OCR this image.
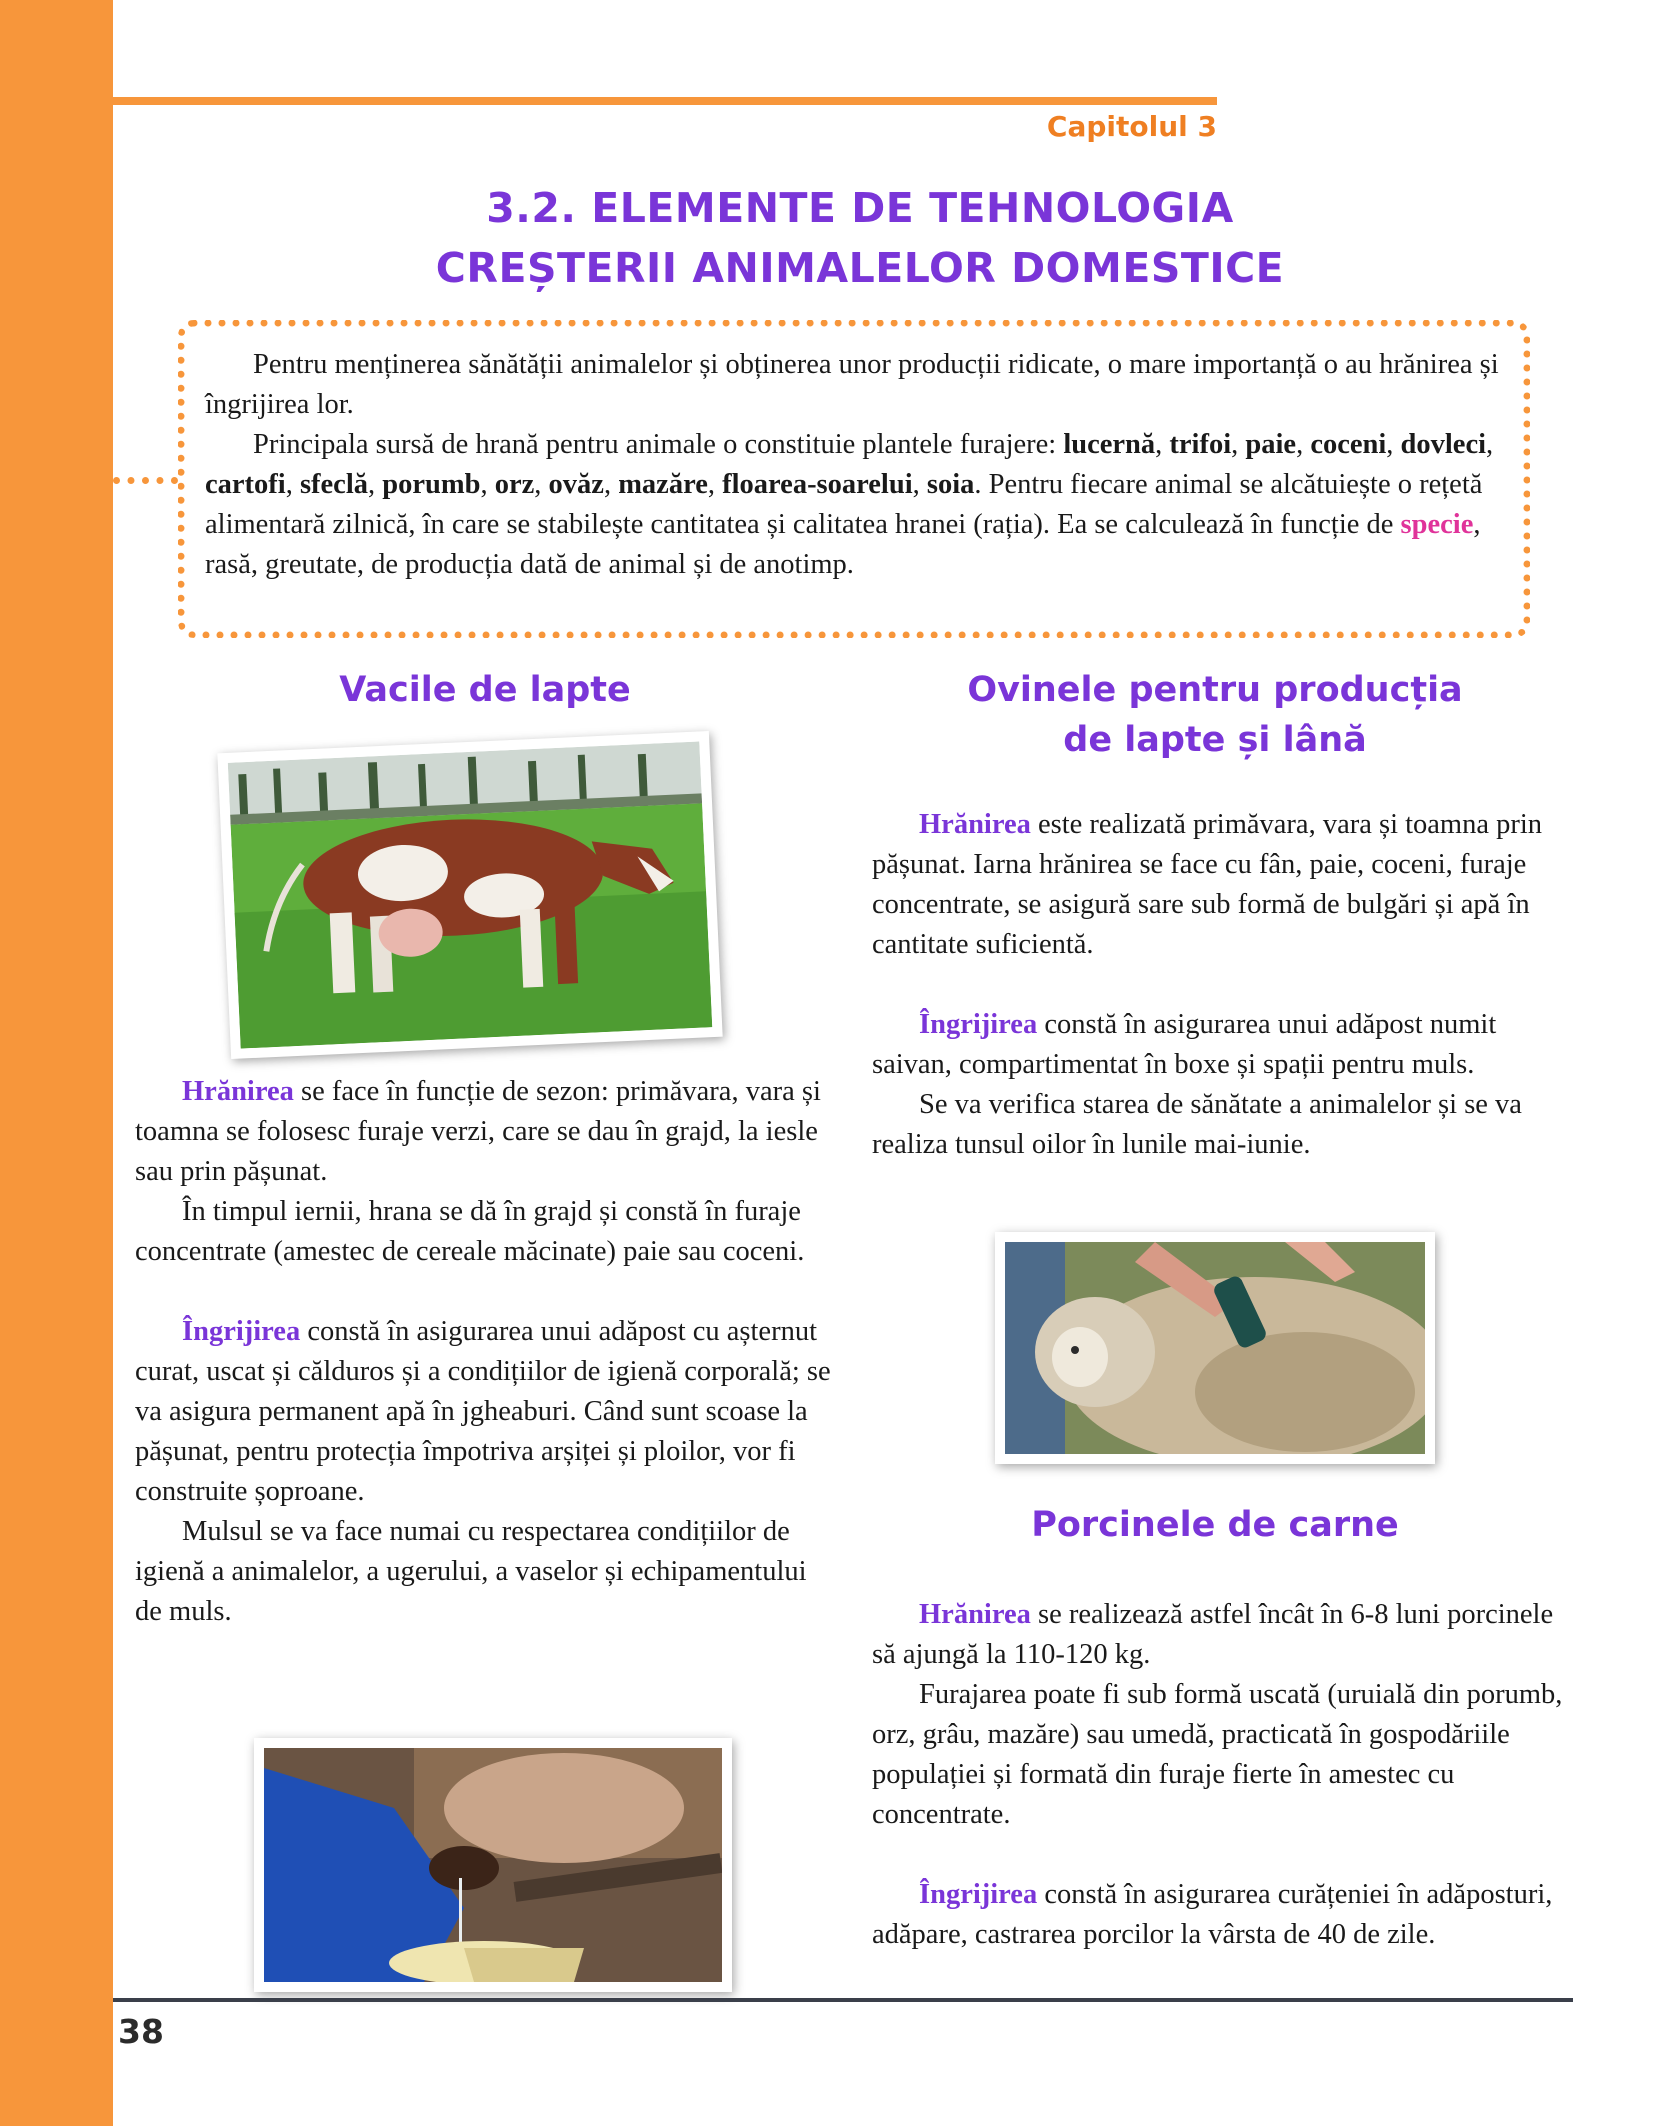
Capitolul 3
3.2. ELEMENTE DE TEHNOLOGIA
CREȘTERII ANIMALELOR DOMESTICE

Pentru menținerea sănătății animalelor și obținerea unor producții ridicate, o mare importanță o au hrănirea și îngrijirea lor.

Principala sursă de hrană pentru animale o constituie plantele furajere: lucernă, trifoi, paie, coceni, dovleci, cartofi, sfeclă, porumb, orz, ovăz, mazăre, floarea-soarelui, soia. Pentru fiecare animal se alcătuiește o rețetă alimentară zilnică, în care se stabilește cantitatea și calitatea hranei (rația). Ea se calculează în funcție de specie, rasă, greutate, de producția dată de animal și de anotimp.

Vacile de lapte

Hrănirea se face în funcție de sezon: primăvara, vara și toamna se folosesc furaje verzi, care se dau în grajd, la iesle sau prin pășunat.

În timpul iernii, hrana se dă în grajd și constă în furaje concentrate (amestec de cereale măcinate) paie sau coceni.

Îngrijirea constă în asigurarea unui adăpost cu așternut curat, uscat și călduros și a condițiilor de igienă corporală; se va asigura permanent apă în jgheaburi. Când sunt scoase la pășunat, pentru protecția împotriva arșiței și ploilor, vor fi construite șoproane.

Mulsul se va face numai cu respectarea condițiilor de igienă a animalelor, a ugerului, a vaselor și echipamentului de muls.

Ovinele pentru producția
de lapte și lână

Hrănirea este realizată primăvara, vara și toamna prin pășunat. Iarna hrănirea se face cu fân, paie, coceni, furaje concentrate, se asigură sare sub formă de bulgări și apă în cantitate suficientă.

Îngrijirea constă în asigurarea unui adăpost numit saivan, compartimentat în boxe și spații pentru muls.

Se va verifica starea de sănătate a animalelor și se va realiza tunsul oilor în lunile mai-iunie.

Porcinele de carne

Hrănirea se realizează astfel încât în 6-8 luni porcinele să ajungă la 110-120 kg.

Furajarea poate fi sub formă uscată (uruială din porumb, orz, grâu, mazăre) sau umedă, practicată în gospodăriile populației și formată din furaje fierte în amestec cu concentrate.

Îngrijirea constă în asigurarea curățeniei în adăposturi, adăpare, castrarea porcilor la vârsta de 40 de zile.

38
